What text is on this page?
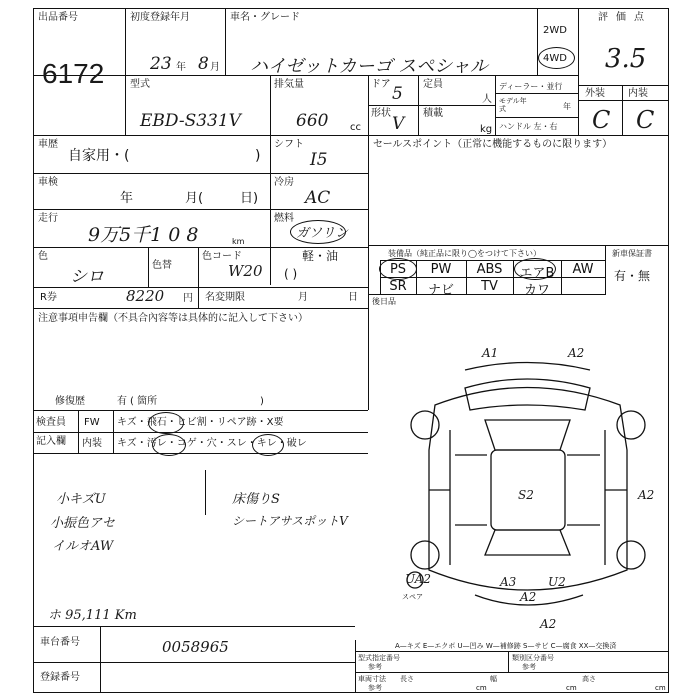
出品番号
6172
初度登録年月
23 年 8 月
車名・グレード
ハイゼットカーゴ スペシャル
2WD
4WD
評価点
3.5
型式
EBD-S331V
排気量
660 cc
ドア 5 定員
人
形状
V
積載
kg
ディーラー・並行
モデル年式	年
ハンドル 左・右
外装 内装
C C
車歴
自家用・(	)
シフト
I5
車検
年	月(	日)
冷房
AC
走行
9万5千1 0 8	km
燃料
ガソリン
軽・油
( )
色
シロ
色替
色コード
W20
R券	8220 円 名変期限	月	日
注意事項申告欄（不具合內容等は具体的に記入して下さい）
修復歴	有 ( 箇所	)
検査員
記入欄
FW キズ・飛石・ヒビ割・リペア跡・X要
内装 キズ・汚レ・コゲ・穴・スレ・キレ・破レ
小キズU
小振色アセ
イルオAW
床傷りS
シートアサスポットV
ホ 95,111 Km
車台番号	0058965
登録番号
A—キズ E—エクボ U—凹み W—補修跡 S—サビ C—腐食 XX—交換済
型式指定番号
参考
類別区分番号
参考
車両寸法
参考
長さ
cm
幅
cm
高さ
cm
セールスポイント（正常に機能するものに限ります）
装備品（純正品に限り◯をつけて下さい）	新車保証書
有・無
PS	PW	ABS	エアB	AW
SR	ナビ	TV	カワ
後日品
A1	A2
S2	A2
UA2	A3	U2
A2
A2
スペア
